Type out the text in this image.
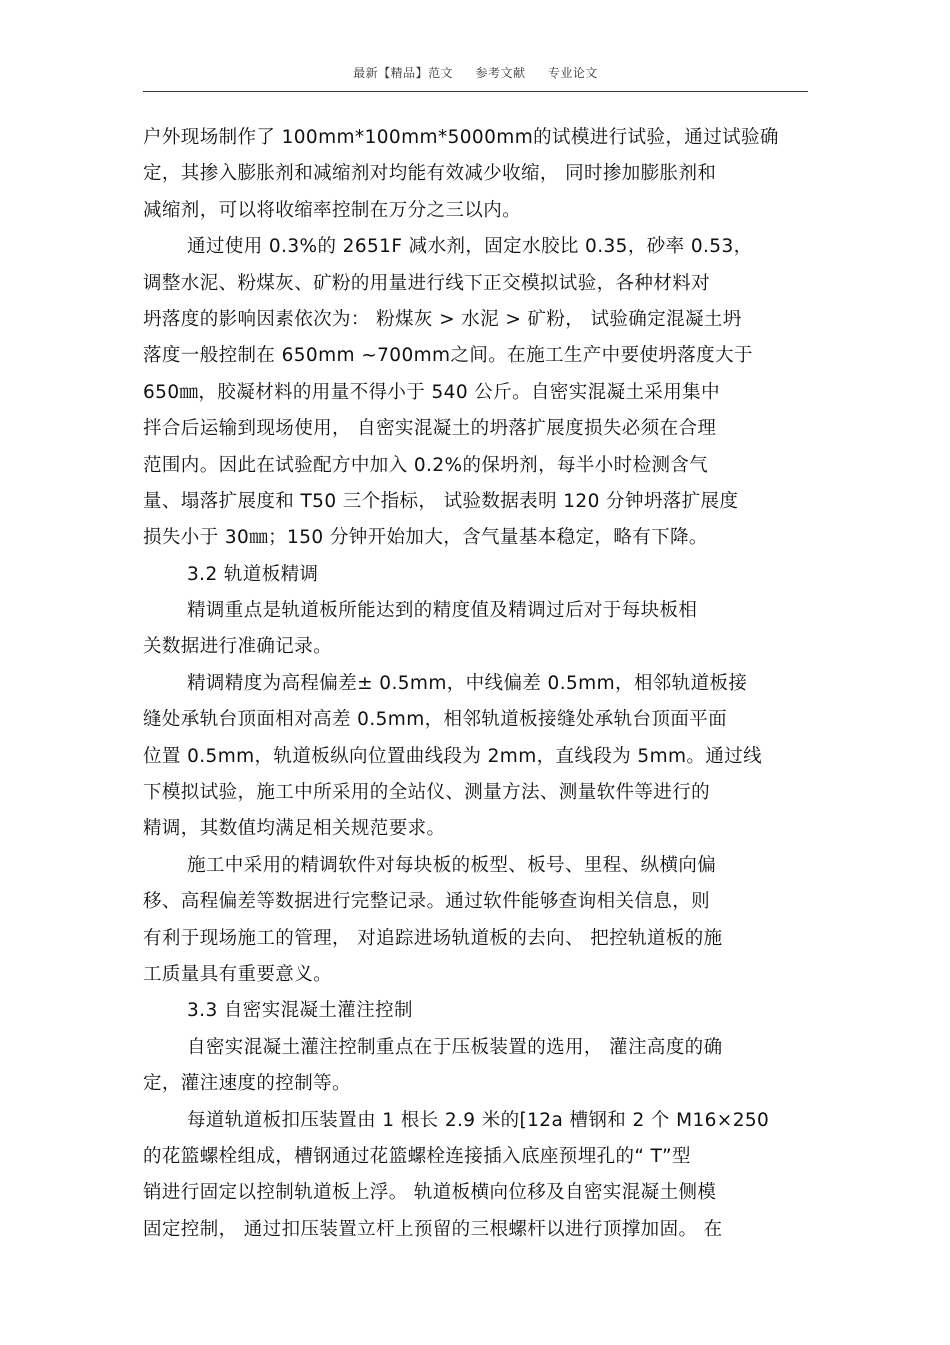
最新【精品】范文 参考文献 专业论文
户外现场制作了 100mm*100mm*5000mm的试模进行试验，通过试验确
定，其掺入膨胀剂和减缩剂对均能有效减少收缩， 同时掺加膨胀剂和
减缩剂，可以将收缩率控制在万分之三以内。
通过使用 0.3%的 2651F 减水剂，固定水胶比 0.35，砂率 0.53，
调整水泥、粉煤灰、矿粉的用量进行线下正交模拟试验，各种材料对
坍落度的影响因素依次为： 粉煤灰 > 水泥 > 矿粉， 试验确定混凝土坍
落度一般控制在 650mm ~700mm之间。在施工生产中要使坍落度大于
650㎜，胶凝材料的用量不得小于 540 公斤。自密实混凝土采用集中
拌合后运输到现场使用， 自密实混凝土的坍落扩展度损失必须在合理
范围内。因此在试验配方中加入 0.2%的保坍剂，每半小时检测含气
量、塌落扩展度和 T50 三个指标， 试验数据表明 120 分钟坍落扩展度
损失小于 30㎜；150 分钟开始加大，含气量基本稳定，略有下降。
3.2 轨道板精调
精调重点是轨道板所能达到的精度值及精调过后对于每块板相
关数据进行准确记录。
精调精度为高程偏差± 0.5mm，中线偏差 0.5mm，相邻轨道板接
缝处承轨台顶面相对高差 0.5mm，相邻轨道板接缝处承轨台顶面平面
位置 0.5mm，轨道板纵向位置曲线段为 2mm，直线段为 5mm。通过线
下模拟试验，施工中所采用的全站仪、测量方法、测量软件等进行的
精调，其数值均满足相关规范要求。
施工中采用的精调软件对每块板的板型、板号、里程、纵横向偏
移、高程偏差等数据进行完整记录。通过软件能够查询相关信息，则
有利于现场施工的管理， 对追踪进场轨道板的去向、 把控轨道板的施
工质量具有重要意义。
3.3 自密实混凝土灌注控制
自密实混凝土灌注控制重点在于压板装置的选用， 灌注高度的确
定，灌注速度的控制等。
每道轨道板扣压装置由 1 根长 2.9 米的[12a 槽钢和 2 个 M16×250
的花篮螺栓组成，槽钢通过花篮螺栓连接插入底座预埋孔的“ T”型
销进行固定以控制轨道板上浮。 轨道板横向位移及自密实混凝土侧模
固定控制， 通过扣压装置立杆上预留的三根螺杆以进行顶撑加固。 在
